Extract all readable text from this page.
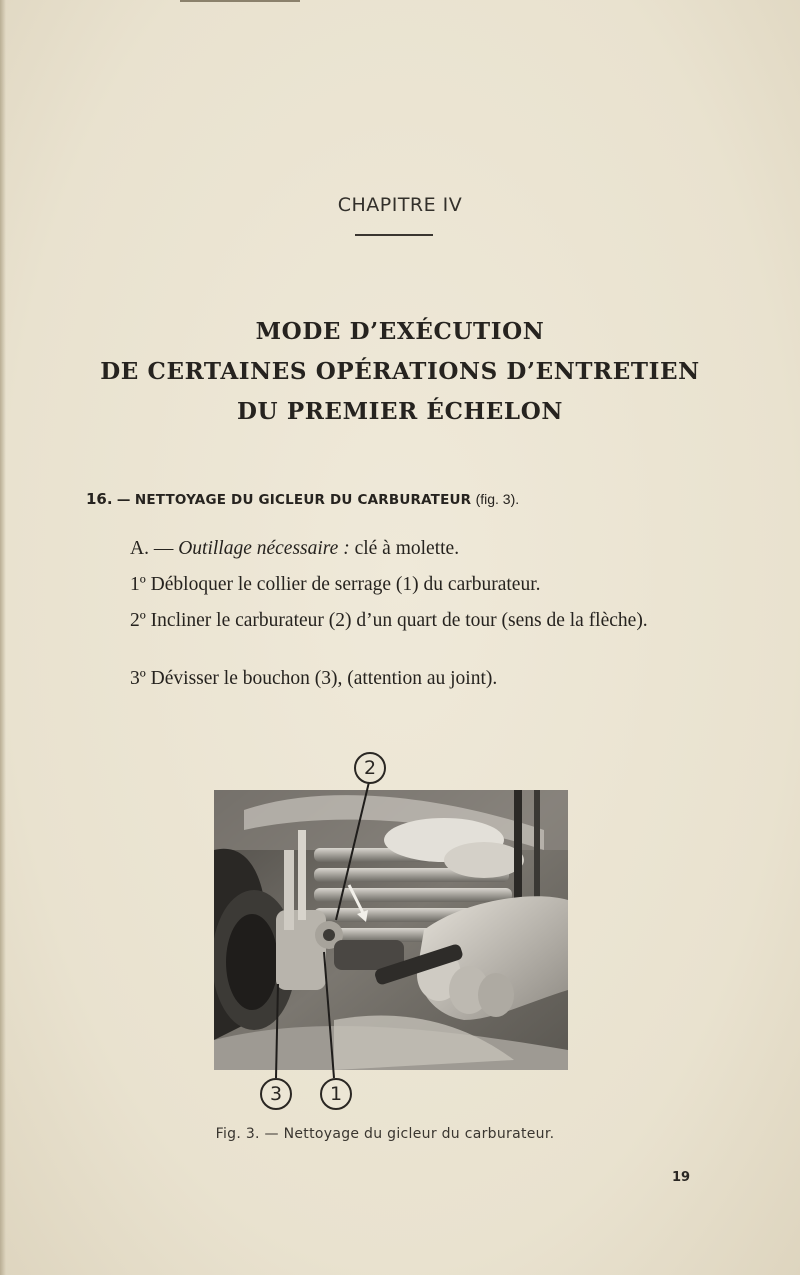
CHAPITRE IV
MODE D’EXÉCUTION
DE CERTAINES OPÉRATIONS D’ENTRETIEN
DU PREMIER ÉCHELON
16. — NETTOYAGE DU GICLEUR DU CARBURATEUR (fig. 3).
A. — Outillage nécessaire : clé à molette.
1º Débloquer le collier de serrage (1) du carburateur.
2º Incliner le carburateur (2) d’un quart de tour (sens de la flèche).
3º Dévisser le bouchon (3), (attention au joint).
2
3	1
Fig. 3. — Nettoyage du gicleur du carburateur.
19
